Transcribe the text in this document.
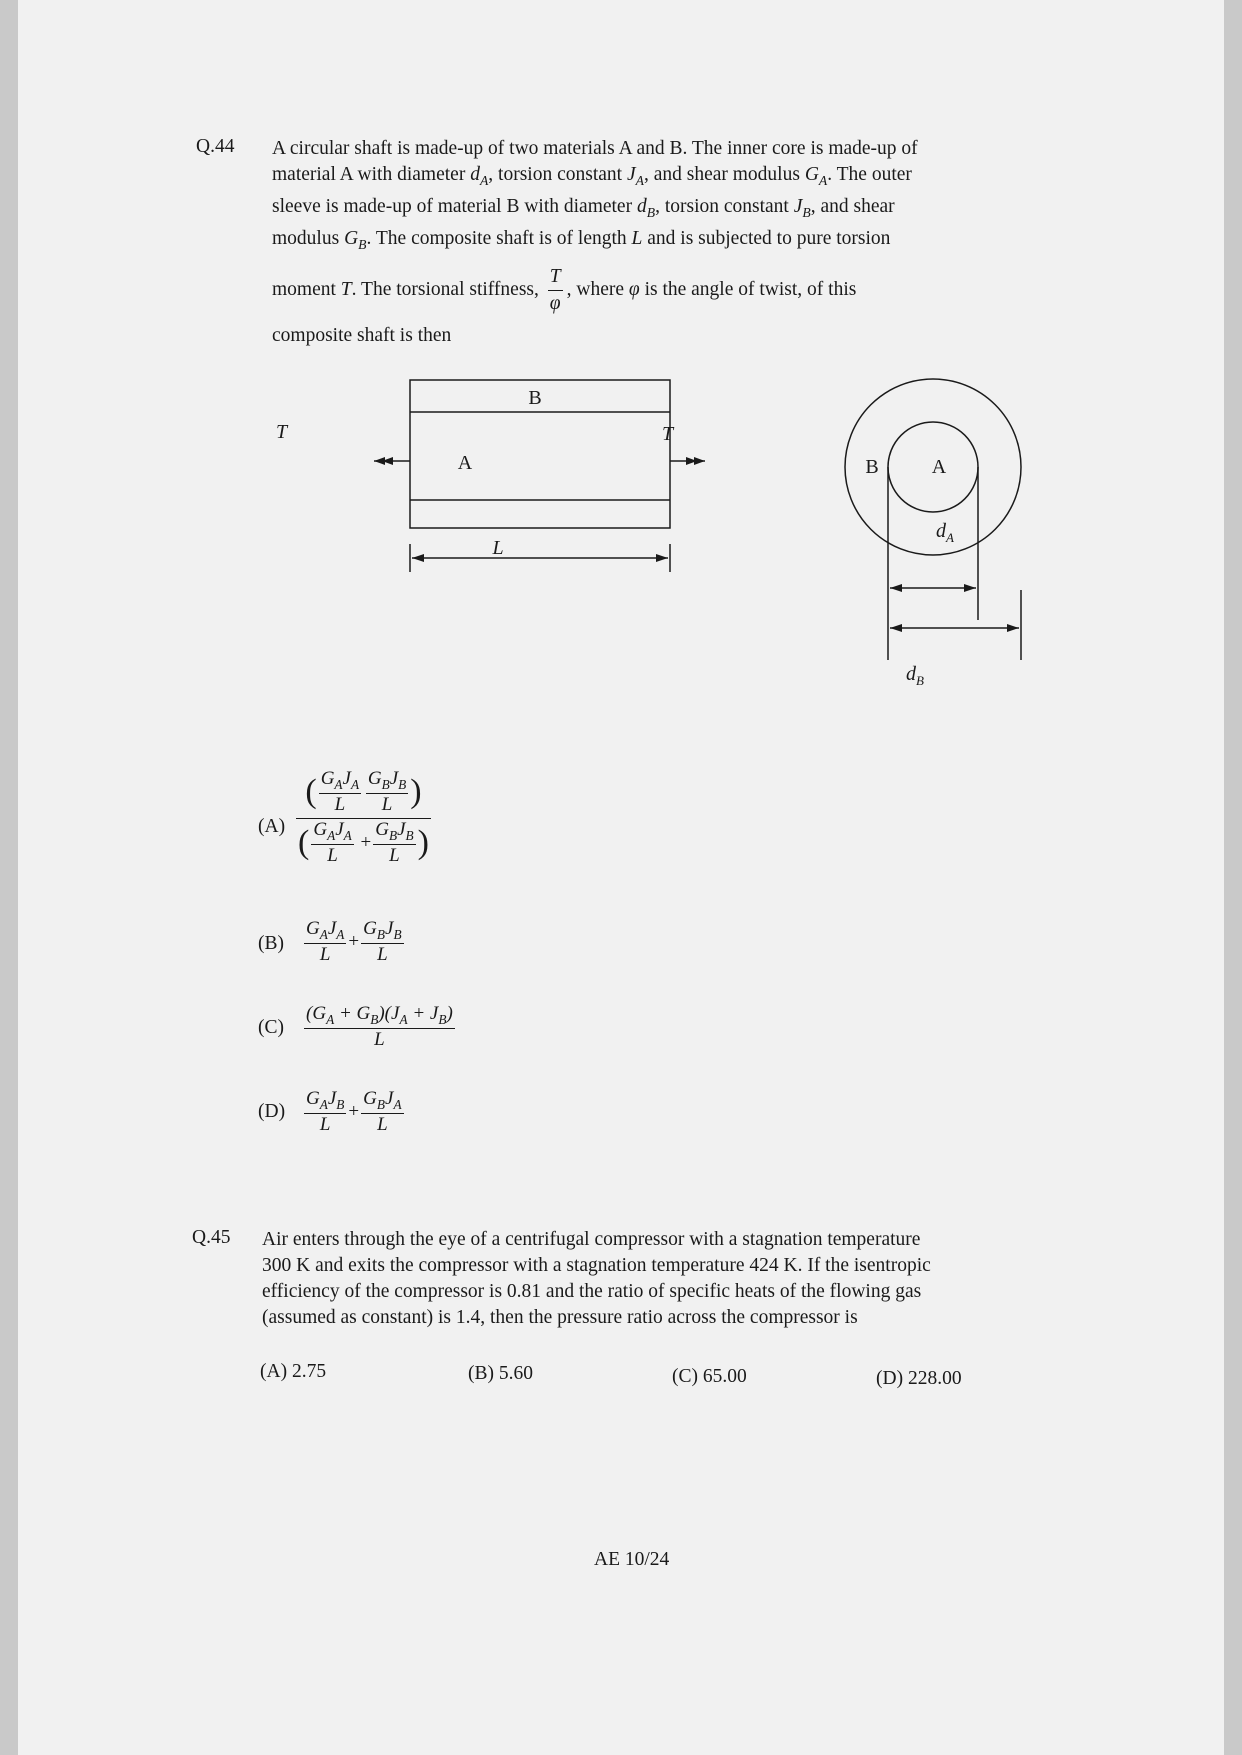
Q.44 A circular shaft is made-up of two materials A and B. The inner core is made-up of
material A with diameter $d_A$, torsion constant $J_A$, and shear modulus $G_A$. The outer
sleeve is made-up of material B with diameter $d_B$, torsion constant $J_B$, and shear
modulus $G_B$. The composite shaft is of length L and is subjected to pure torsion
moment T. The torsional stiffness, $\frac{T}{\varphi}$ , where φ is the angle of twist, of this
composite shaft is then
B
A
T	T
L
B	A
$d_A$
$d_B$
(A)
( $G_AJ_A$
L

$G_BJ_B$
L )
( $G_AJ_A$
L
+
$G_BJ_B$
L )
(B)
$G_AJ_A$
L
+
$G_BJ_B$
L
$(C) \frac{(G_A + G_B)(J_A + J_B)}{L}$
(D)
$G_AJ_B$
L
+
$G_BJ_A$
L
Q.45 Air enters through the eye of a centrifugal compressor with a stagnation temperature
300 K and exits the compressor with a stagnation temperature 424 K. If the isentropic
efficiency of the compressor is 0.81 and the ratio of specific heats of the flowing gas
(assumed as constant) is 1.4, then the pressure ratio across the compressor is
(A) 2.75	(B) 5.60	(C) 65.00	(D) 228.00
AE 10/24
